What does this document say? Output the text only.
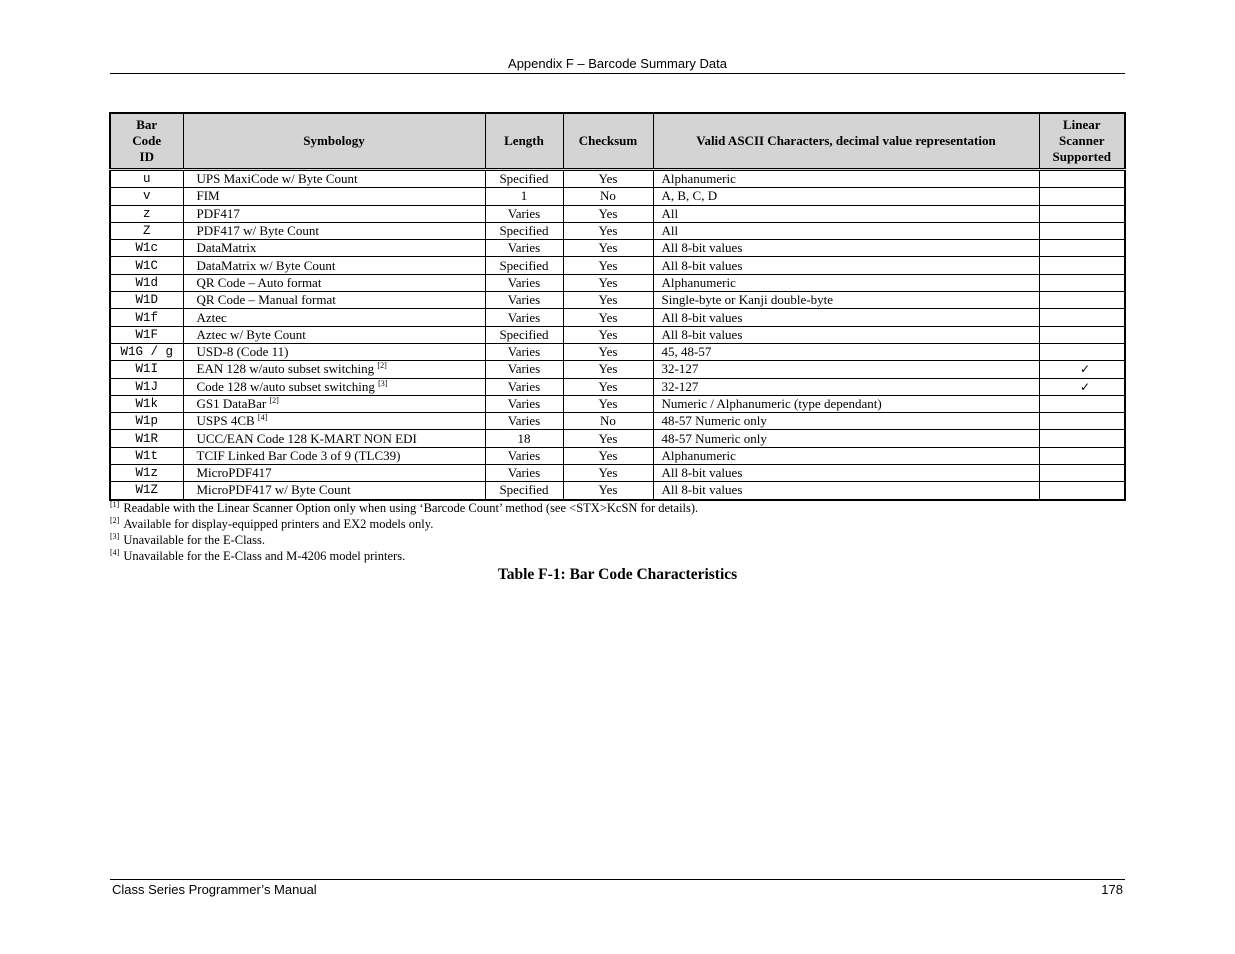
Appendix F – Barcode Summary Data
Bar Code ID	Symbology	Length	Checksum	Valid ASCII Characters, decimal value representation	Linear Scanner Supported

u	UPS MaxiCode w/ Byte Count	Specified	Yes	Alphanumeric	
v	FIM	1	No	A, B, C, D	
z	PDF417	Varies	Yes	All	
Z	PDF417 w/ Byte Count	Specified	Yes	All	
W1c	DataMatrix	Varies	Yes	All 8-bit values	
W1C	DataMatrix w/ Byte Count	Specified	Yes	All 8-bit values	
W1d	QR Code – Auto format	Varies	Yes	Alphanumeric	
W1D	QR Code – Manual format	Varies	Yes	Single-byte or Kanji double-byte	
W1f	Aztec	Varies	Yes	All 8-bit values	
W1F	Aztec w/ Byte Count	Specified	Yes	All 8-bit values	
W1G / g	USD-8 (Code 11)	Varies	Yes	45, 48-57	
W1I	EAN 128 w/auto subset switching [2]	Varies	Yes	32-127	✓
W1J	Code 128 w/auto subset switching [3]	Varies	Yes	32-127	✓
W1k	GS1 DataBar [2]	Varies	Yes	Numeric / Alphanumeric (type dependant)	
W1p	USPS 4CB [4]	Varies	No	48-57 Numeric only	
W1R	UCC/EAN Code 128 K-MART NON EDI	18	Yes	48-57 Numeric only	
W1t	TCIF Linked Bar Code 3 of 9 (TLC39)	Varies	Yes	Alphanumeric	
W1z	MicroPDF417	Varies	Yes	All 8-bit values	
W1Z	MicroPDF417 w/ Byte Count	Specified	Yes	All 8-bit values	
[1] Readable with the Linear Scanner Option only when using ‘Barcode Count’ method (see <STX>KcSN for details).
[2] Available for display-equipped printers and EX2 models only.
[3] Unavailable for the E-Class.
[4] Unavailable for the E-Class and M-4206 model printers.
Table F-1: Bar Code Characteristics
Class Series Programmer’s Manual	178
